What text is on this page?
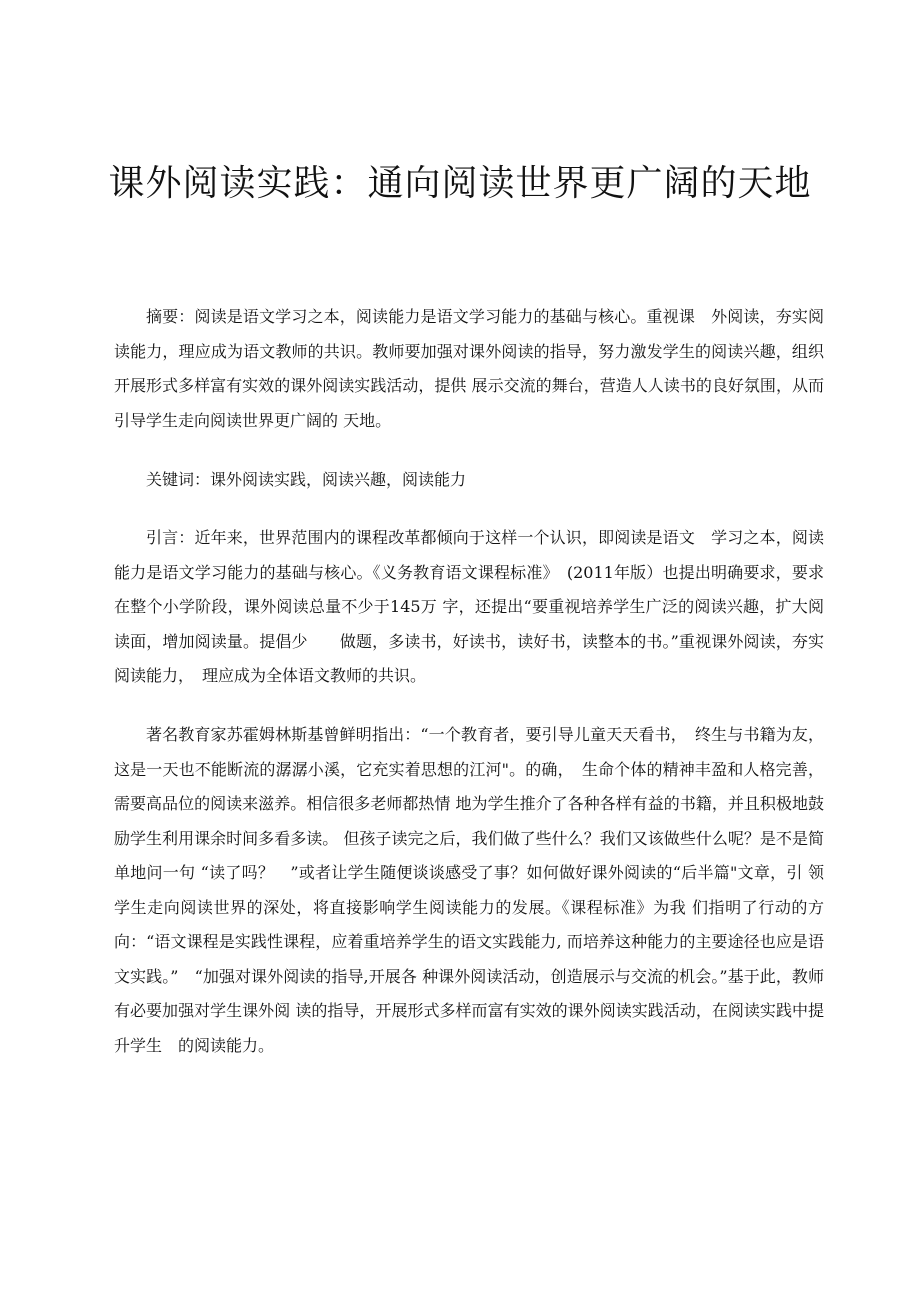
课外阅读实践：通向阅读世界更广阔的天地

摘要：阅读是语文学习之本，阅读能力是语文学习能力的基础与核心。重视课　外阅读，夯实阅读能力，理应成为语文教师的共识。教师要加强对课外阅读的指导，努力激发学生的阅读兴趣，组织开展形式多样富有实效的课外阅读实践活动，提供 展示交流的舞台，营造人人读书的良好氛围，从而引导学生走向阅读世界更广阔的 天地。

关键词：课外阅读实践，阅读兴趣，阅读能力

引言：近年来，世界范围内的课程改革都倾向于这样一个认识，即阅读是语文　学习之本，阅读能力是语文学习能力的基础与核心。《义务教育语文课程标准》　(2011年版）也提出明确要求，要求在整个小学阶段，课外阅读总量不少于145万 字，还提出“要重视培养学生广泛的阅读兴趣，扩大阅读面，增加阅读量。提倡少　　做题，多读书，好读书，读好书，读整本的书。”重视课外阅读，夯实阅读能力，　理应成为全体语文教师的共识。

著名教育家苏霍姆林斯基曾鲜明指出：“一个教育者，要引导儿童天天看书，　终生与书籍为友，这是一天也不能断流的潺潺小溪，它充实着思想的江河"。的确，　生命个体的精神丰盈和人格完善，需要高品位的阅读来滋养。相信很多老师都热情 地为学生推介了各种各样有益的书籍，并且积极地鼓励学生利用课余时间多看多读。 但孩子读完之后，我们做了些什么？我们又该做些什么呢？是不是简单地问一句 “读了吗？　”或者让学生随便谈谈感受了事？如何做好课外阅读的“后半篇"文章，引 领学生走向阅读世界的深处，将直接影响学生阅读能力的发展。《课程标准》为我 们指明了行动的方向：“语文课程是实践性课程，应着重培养学生的语文实践能力, 而培养这种能力的主要途径也应是语文实践。”　“加强对课外阅读的指导,开展各 种课外阅读活动，创造展示与交流的机会。”基于此，教师有必要加强对学生课外阅 读的指导，开展形式多样而富有实效的课外阅读实践活动，在阅读实践中提升学生　的阅读能力。
